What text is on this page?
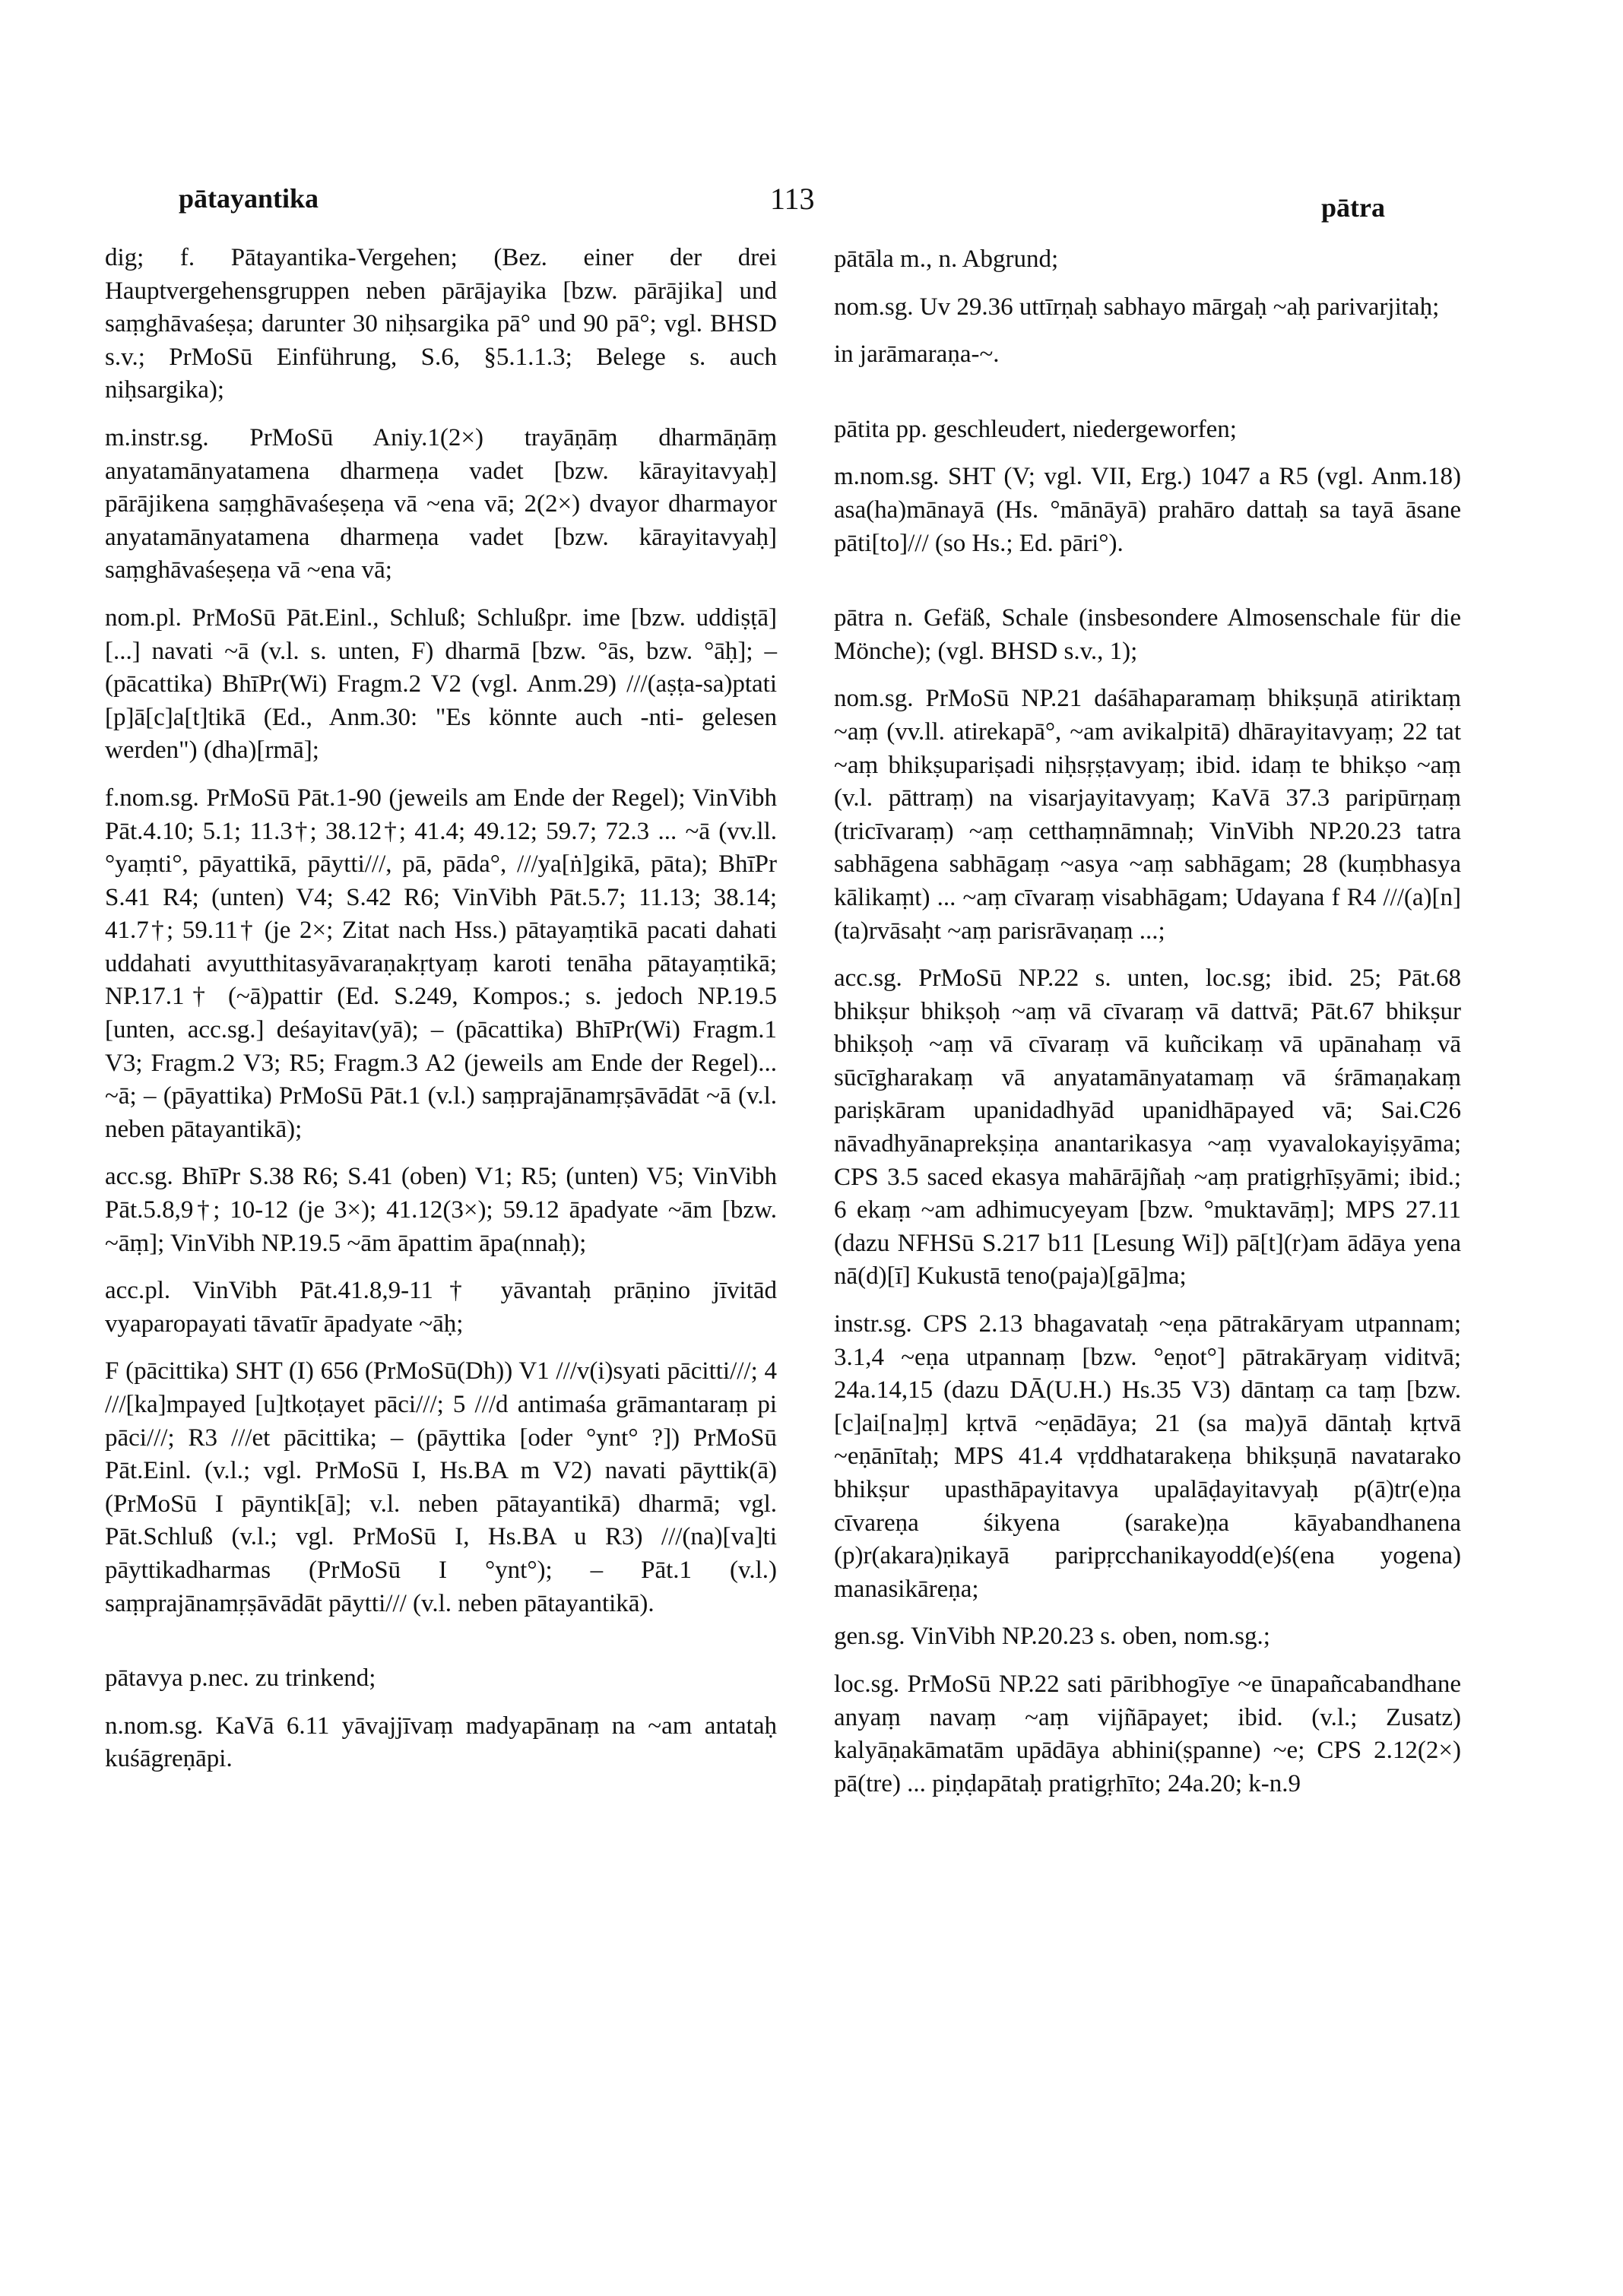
pātayantika	113	pātra

dig; f. Pātayantika-Vergehen; (Bez. einer der drei Hauptvergehensgruppen neben pārājayika [bzw. pārājika] und saṃghāvaśeṣa; darunter 30 niḥsargika pā° und 90 pā°; vgl. BHSD s.v.; PrMoSū Einführung, S.6, §5.1.1.3; Belege s. auch niḥsargika);

m.instr.sg. PrMoSū Aniy.1(2×) trayāṇāṃ dharmāṇāṃ anyatamānyatamena dharmeṇa vadet [bzw. kārayitavyaḥ] pārājikena saṃghāvaśeṣeṇa vā ~ena vā; 2(2×) dvayor dharmayor anyatamānyatamena dharmeṇa vadet [bzw. kārayitavyaḥ] saṃghāvaśeṣeṇa vā ~ena vā;

nom.pl. PrMoSū Pāt.Einl., Schluß; Schlußpr. ime [bzw. uddiṣṭā] [...] navati ~ā (v.l. s. unten, F) dharmā [bzw. °ās, bzw. °āḥ]; – (pācattika) BhīPr(Wi) Fragm.2 V2 (vgl. Anm.29) ///(aṣṭa-sa)ptati [p]ā[c]a[t]tikā (Ed., Anm.30: "Es könnte auch -nti- gelesen werden") (dha)[rmā];

f.nom.sg. PrMoSū Pāt.1-90 (jeweils am Ende der Regel); VinVibh Pāt.4.10; 5.1; 11.3†; 38.12†; 41.4; 49.12; 59.7; 72.3 ... ~ā (vv.ll. °yaṃti°, pāyattikā, pāytti///, pā, pāda°, ///ya[ṅ]gikā, pāta); BhīPr S.41 R4; (unten) V4; S.42 R6; VinVibh Pāt.5.7; 11.13; 38.14; 41.7†; 59.11† (je 2×; Zitat nach Hss.) pātayaṃtikā pacati dahati uddahati avyutthitasyāvaraṇakṛtyaṃ karoti tenāha pātayaṃtikā; NP.17.1† (~ā)pattir (Ed. S.249, Kompos.; s. jedoch NP.19.5 [unten, acc.sg.] deśayitav(yā); – (pācattika) BhīPr(Wi) Fragm.1 V3; Fragm.2 V3; R5; Fragm.3 A2 (jeweils am Ende der Regel)... ~ā; – (pāyattika) PrMoSū Pāt.1 (v.l.) saṃprajānamṛṣāvādāt ~ā (v.l. neben pātayantikā);

acc.sg. BhīPr S.38 R6; S.41 (oben) V1; R5; (unten) V5; VinVibh Pāt.5.8,9†; 10-12 (je 3×); 41.12(3×); 59.12 āpadyate ~ām [bzw. ~āṃ]; VinVibh NP.19.5 ~ām āpattim āpa(nnaḥ);

acc.pl. VinVibh Pāt.41.8,9-11† yāvantaḥ prāṇino jīvitād vyaparopayati tāvatīr āpadyate ~āḥ;

F (pācittika) SHT (I) 656 (PrMoSū(Dh)) V1 ///v(i)syati pācitti///; 4 ///[ka]mpayed [u]tkoṭayet pāci///; 5 ///d antimaśa grāmantaraṃ pi pāci///; R3 ///et pācittika; – (pāyttika [oder °ynt° ?]) PrMoSū Pāt.Einl. (v.l.; vgl. PrMoSū I, Hs.BA m V2) navati pāyttik(ā) (PrMoSū I pāyntik[ā]; v.l. neben pātayantikā) dharmā; vgl. Pāt.Schluß (v.l.; vgl. PrMoSū I, Hs.BA u R3) ///(na)[va]ti pāyttikadharmas (PrMoSū I °ynt°); – Pāt.1 (v.l.) saṃprajānamṛṣāvādāt pāytti/// (v.l. neben pātayantikā).

pātavya p.nec. zu trinkend;

n.nom.sg. KaVā 6.11 yāvajjīvaṃ madyapānaṃ na ~am antataḥ kuśāgreṇāpi.

pātāla m., n. Abgrund;

nom.sg. Uv 29.36 uttīrṇaḥ sabhayo mārgaḥ ~aḥ parivarjitaḥ;

in jarāmaraṇa-~.

pātita pp. geschleudert, niedergeworfen;

m.nom.sg. SHT (V; vgl. VII, Erg.) 1047 a R5 (vgl. Anm.18) asa(ha)mānayā (Hs. °mānāyā) prahāro dattaḥ sa tayā āsane pāti[to]/// (so Hs.; Ed. pāri°).

pātra n. Gefäß, Schale (insbesondere Almosenschale für die Mönche); (vgl. BHSD s.v., 1);

nom.sg. PrMoSū NP.21 daśāhaparamaṃ bhikṣuṇā atiriktaṃ ~aṃ (vv.ll. atirekapā°, ~am avikalpitā) dhārayitavyaṃ; 22 tat ~aṃ bhikṣupariṣadi niḥsṛṣṭavyaṃ; ibid. idaṃ te bhikṣo ~aṃ (v.l. pāttraṃ) na visarjayitavyaṃ; KaVā 37.3 paripūrṇaṃ (tricīvaraṃ) ~aṃ cetthaṃnāmnaḥ; VinVibh NP.20.23 tatra sabhāgena sabhāgaṃ ~asya ~aṃ sabhāgam; 28 (kuṃbhasya kālikaṃt) ... ~aṃ cīvaraṃ visabhāgam; Udayana f R4 ///(a)[n](ta)rvāsaḥt ~aṃ parisrāvaṇaṃ ...;

acc.sg. PrMoSū NP.22 s. unten, loc.sg; ibid. 25; Pāt.68 bhikṣur bhikṣoḥ ~aṃ vā cīvaraṃ vā dattvā; Pāt.67 bhikṣur bhikṣoḥ ~aṃ vā cīvaraṃ vā kuñcikaṃ vā upānahaṃ vā sūcīgharakaṃ vā anyatamānyatamaṃ vā śrāmaṇakaṃ pariṣkāram upanidadhyād upanidhāpayed vā; Sai.C26 nāvadhyānaprekṣiṇa anantarikasya ~aṃ vyavalokayiṣyāma; CPS 3.5 saced ekasya mahārājñaḥ ~aṃ pratigṛhīṣyāmi; ibid.; 6 ekaṃ ~am adhimucyeyam [bzw. °muktavāṃ]; MPS 27.11 (dazu NFHSū S.217 b11 [Lesung Wi]) pā[t](r)am ādāya yena nā(d)[ī] Kukustā teno(paja)[gā]ma;

instr.sg. CPS 2.13 bhagavataḥ ~eṇa pātrakāryam utpannam; 3.1,4 ~eṇa utpannaṃ [bzw. °eṇot°] pātrakāryaṃ viditvā; 24a.14,15 (dazu DĀ(U.H.) Hs.35 V3) dāntaṃ ca taṃ [bzw. [c]ai[na]ṃ] kṛtvā ~eṇādāya; 21 (sa ma)yā dāntaḥ kṛtvā ~eṇānītaḥ; MPS 41.4 vṛddhatarakeṇa bhikṣuṇā navatarako bhikṣur upasthāpayitavya upalāḍayitavyaḥ p(ā)tr(e)ṇa cīvareṇa śikyena (sarake)ṇa kāyabandhanena (p)r(akara)ṇikayā paripṛcchanikayodd(e)ś(ena yogena) manasikāreṇa;

gen.sg. VinVibh NP.20.23 s. oben, nom.sg.;

loc.sg. PrMoSū NP.22 sati pāribhogīye ~e ūnapañcabandhane anyaṃ navaṃ ~aṃ vijñāpayet; ibid. (v.l.; Zusatz) kalyāṇakāmatām upādāya abhini(ṣpanne) ~e; CPS 2.12(2×) pā(tre) ... piṇḍapātaḥ pratigṛhīto; 24a.20; k-n.9
